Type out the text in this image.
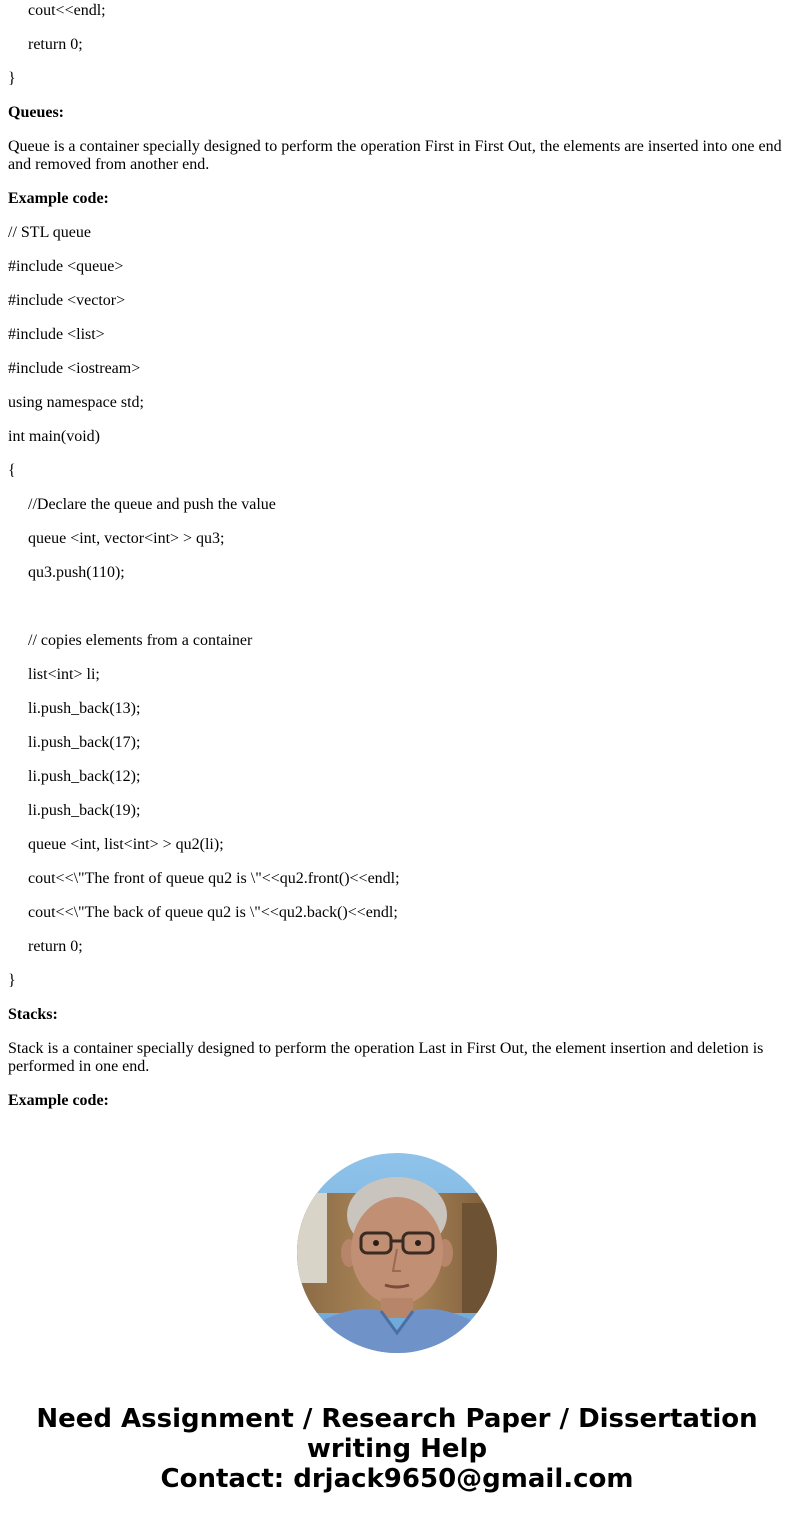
cout<<endl;
return 0;
}
Queues:
Queue is a container specially designed to perform the operation First in First Out, the elements are inserted into one end and removed from another end.
Example code:
// STL queue
#include <queue>
#include <vector>
#include <list>
#include <iostream>
using namespace std;
int main(void)
{
//Declare the queue and push the value
queue <int, vector<int> > qu3;
qu3.push(110);
// copies elements from a container
list<int> li;
li.push_back(13);
li.push_back(17);
li.push_back(12);
li.push_back(19);
queue <int, list<int> > qu2(li);
cout<<\"The front of queue qu2 is \"<<qu2.front()<<endl;
cout<<\"The back of queue qu2 is \"<<qu2.back()<<endl;
return 0;
}
Stacks:
Stack is a container specially designed to perform the operation Last in First Out, the element insertion and deletion is performed in one end.
Example code:
Need Assignment / Research Paper / Dissertation
writing Help
Contact: drjack9650@gmail.com
